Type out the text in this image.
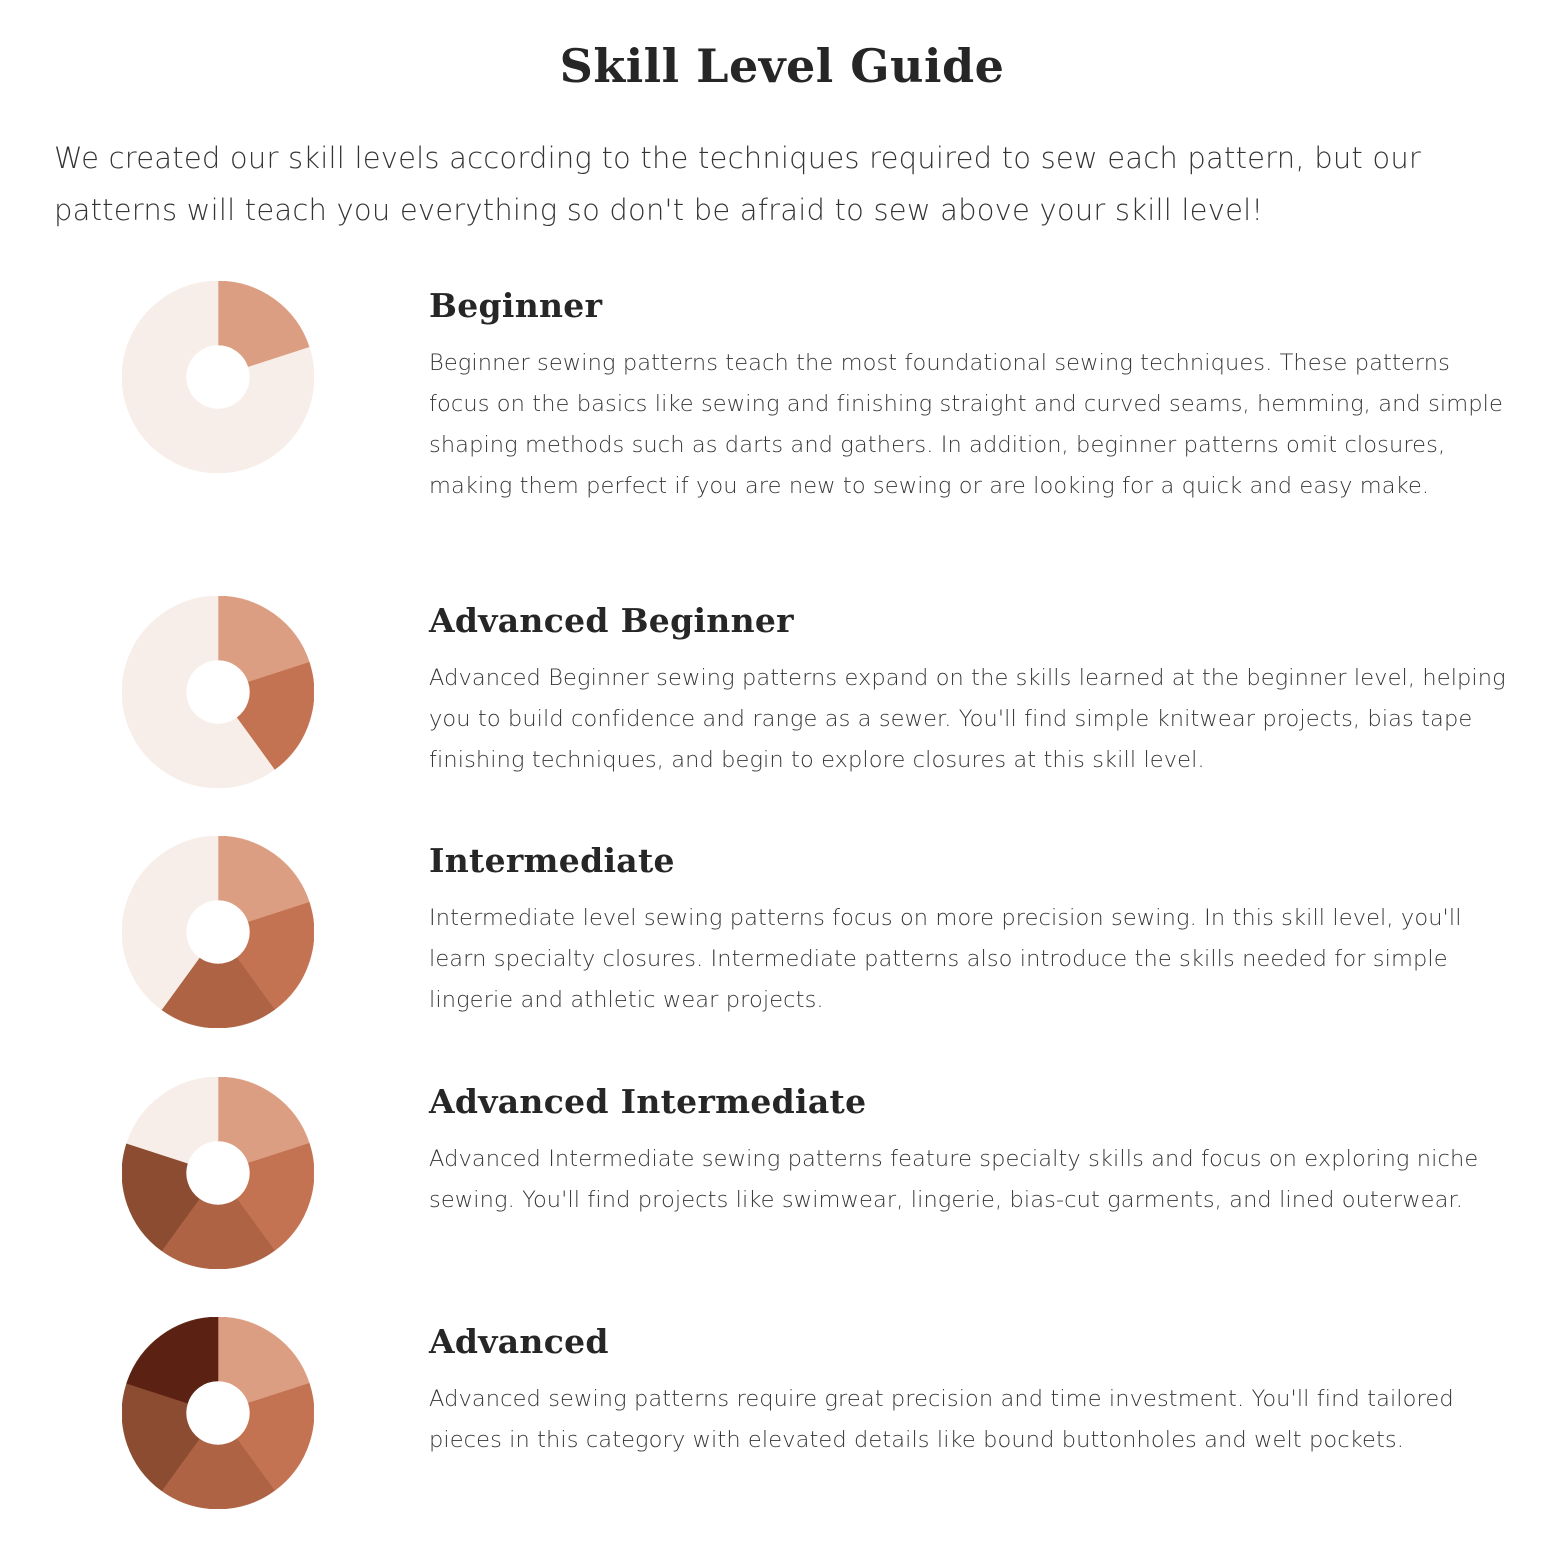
Skill Level Guide

We created our skill levels according to the techniques required to sew each pattern, but our patterns will teach you everything so don't be afraid to sew above your skill level!

Beginner

Beginner sewing patterns teach the most foundational sewing techniques. These patterns focus on the basics like sewing and finishing straight and curved seams, hemming, and simple shaping methods such as darts and gathers. In addition, beginner patterns omit closures, making them perfect if you are new to sewing or are looking for a quick and easy make.

Advanced Beginner

Advanced Beginner sewing patterns expand on the skills learned at the beginner level, helping you to build confidence and range as a sewer. You'll find simple knitwear projects, bias tape finishing techniques, and begin to explore closures at this skill level.

Intermediate

Intermediate level sewing patterns focus on more precision sewing. In this skill level, you'll learn specialty closures. Intermediate patterns also introduce the skills needed for simple lingerie and athletic wear projects.

Advanced Intermediate

Advanced Intermediate sewing patterns feature specialty skills and focus on exploring niche sewing. You'll find projects like swimwear, lingerie, bias-cut garments, and lined outerwear.

Advanced

Advanced sewing patterns require great precision and time investment. You'll find tailored pieces in this category with elevated details like bound buttonholes and welt pockets.
